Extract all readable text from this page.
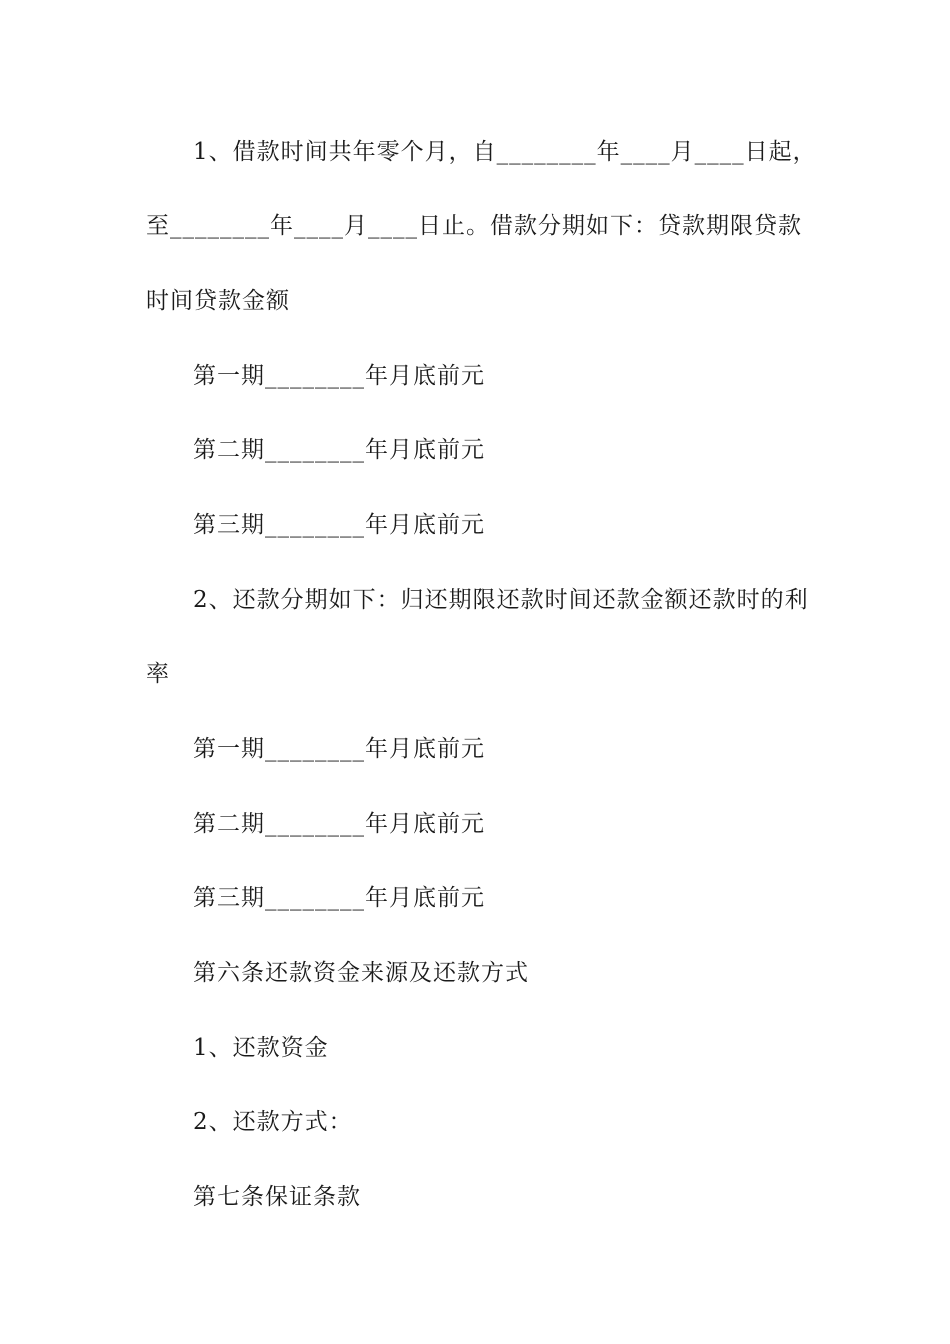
1、借款时间共年零个月，自________年____月____日起，
至________年____月____日止。借款分期如下：贷款期限贷款
时间贷款金额
第一期________年月底前元
第二期________年月底前元
第三期________年月底前元
2、还款分期如下：归还期限还款时间还款金额还款时的利
率
第一期________年月底前元
第二期________年月底前元
第三期________年月底前元
第六条还款资金来源及还款方式
1、还款资金
2、还款方式：
第七条保证条款
